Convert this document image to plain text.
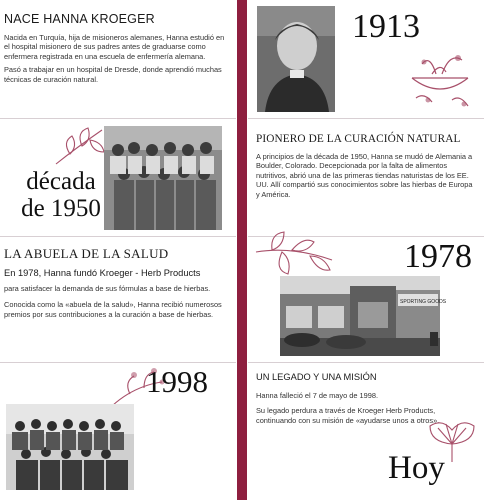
NACE HANNA KROEGER

Nacida en Turquía, hija de misioneros alemanes, Hanna estudió en el hospital misionero de sus padres antes de graduarse como enfermera registrada en una escuela de enfermería alemana.

Pasó a trabajar en un hospital de Dresde, donde aprendió muchas técnicas de curación natural.

1913
década
de 1950
PIONERO DE LA CURACIÓN NATURAL

A principios de la década de 1950, Hanna se mudó de Alemania a Boulder, Colorado. Decepcionada por la falta de alimentos nutritivos, abrió una de las primeras tiendas naturistas de los EE. UU. Allí compartió sus conocimientos sobre las hierbas de Europa y América.

LA ABUELA DE LA SALUD
En 1978, Hanna fundó Kroeger - Herb Products

para satisfacer la demanda de sus fórmulas a base de hierbas.

Conocida como la «abuela de la salud», Hanna recibió numerosos premios por sus contribuciones a la curación a base de hierbas.

1978
SPORTING GOODS
1998	UN LEGADO Y UNA MISIÓN

Hanna falleció el 7 de mayo de 1998.

Su legado perdura a través de Kroeger Herb Products, continuando con su misión de «ayudarse unos a otros».

Hoy
